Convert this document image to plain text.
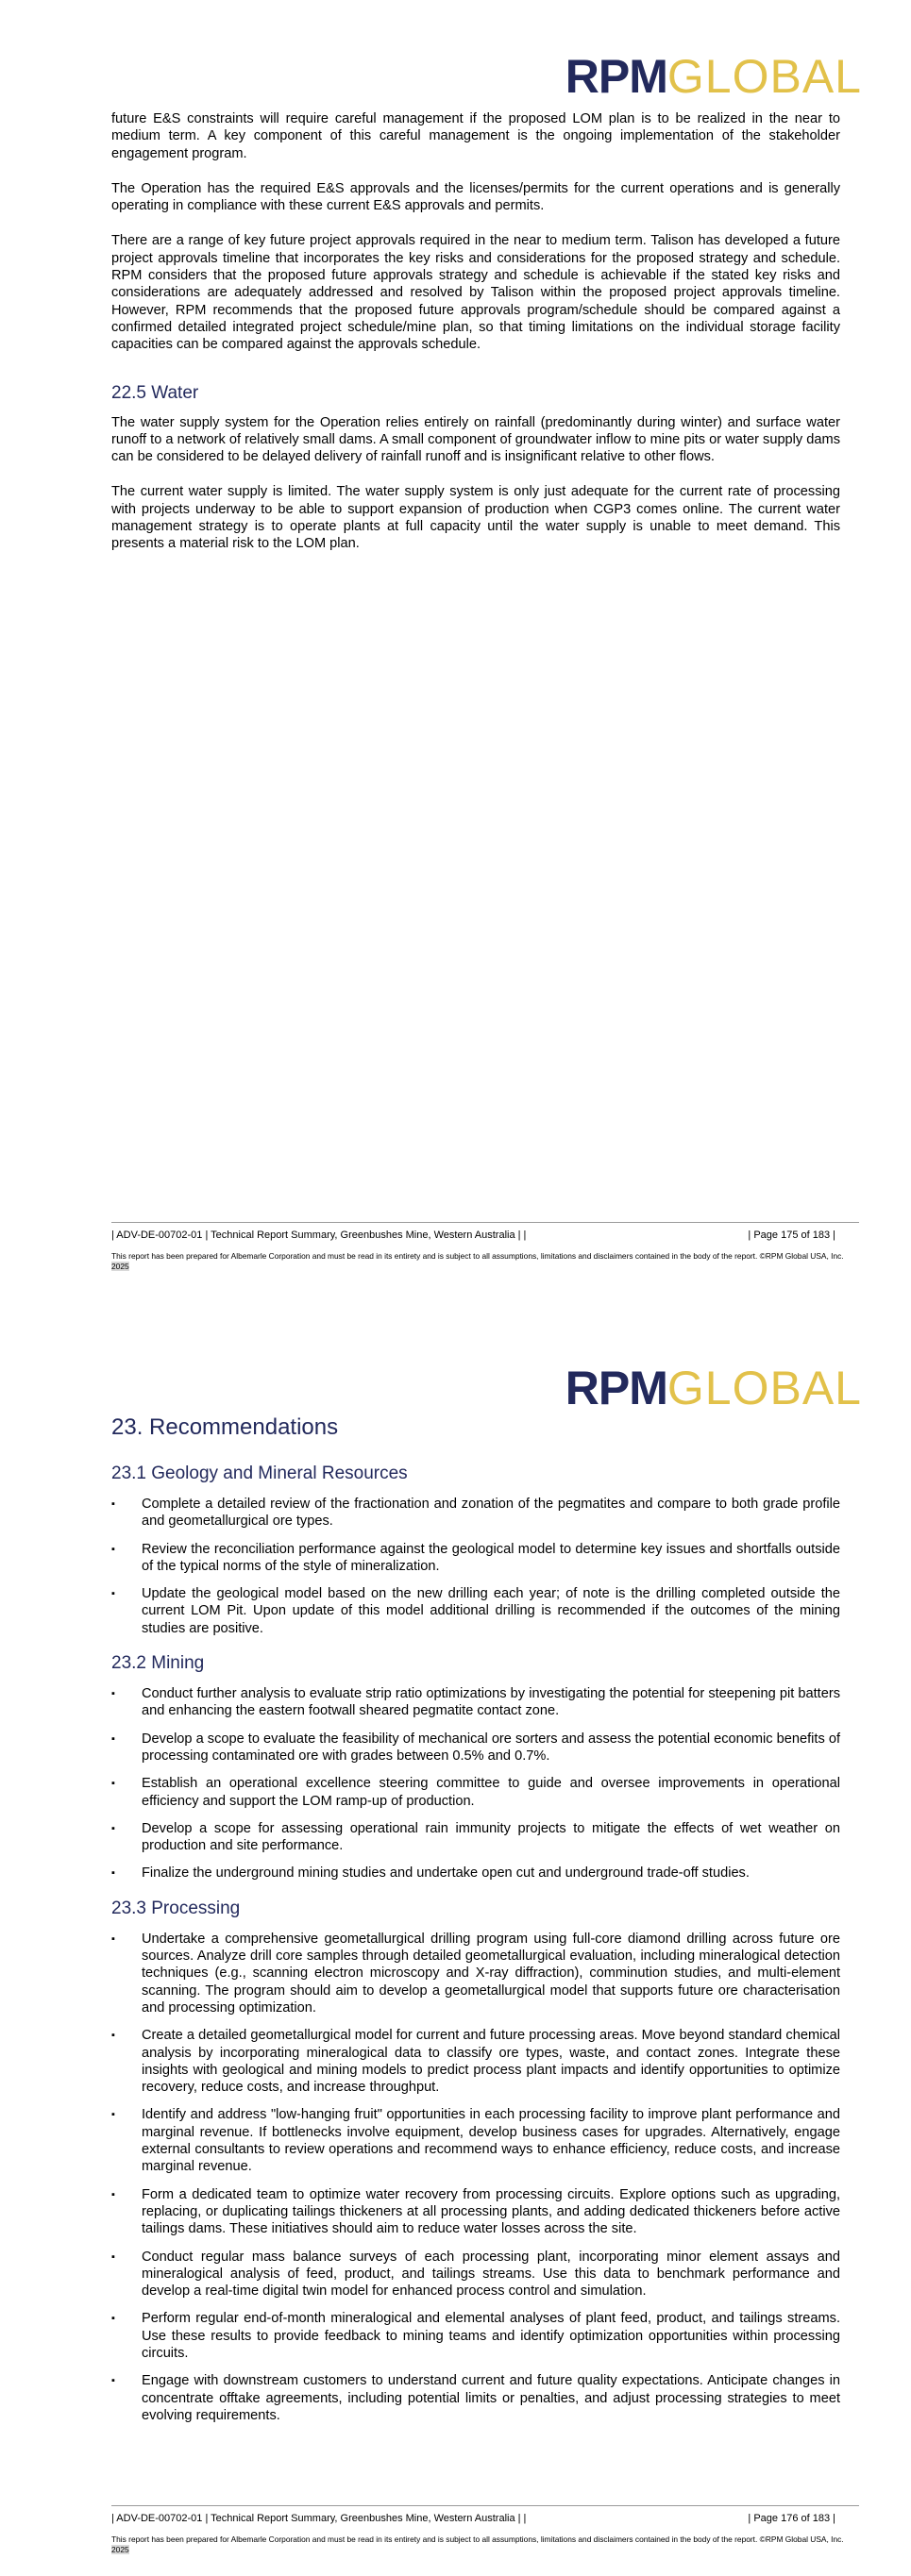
RPMGLOBAL

future E&S constraints will require careful management if the proposed LOM plan is to be realized in the near to medium term. A key component of this careful management is the ongoing implementation of the stakeholder engagement program.

The Operation has the required E&S approvals and the licenses/permits for the current operations and is generally operating in compliance with these current E&S approvals and permits.

There are a range of key future project approvals required in the near to medium term. Talison has developed a future project approvals timeline that incorporates the key risks and considerations for the proposed strategy and schedule. RPM considers that the proposed future approvals strategy and schedule is achievable if the stated key risks and considerations are adequately addressed and resolved by Talison within the proposed project approvals timeline. However, RPM recommends that the proposed future approvals program/schedule should be compared against a confirmed detailed integrated project schedule/mine plan, so that timing limitations on the individual storage facility capacities can be compared against the approvals schedule.

22.5 Water

The water supply system for the Operation relies entirely on rainfall (predominantly during winter) and surface water runoff to a network of relatively small dams. A small component of groundwater inflow to mine pits or water supply dams can be considered to be delayed delivery of rainfall runoff and is insignificant relative to other flows.

The current water supply is limited. The water supply system is only just adequate for the current rate of processing with projects underway to be able to support expansion of production when CGP3 comes online. The current water management strategy is to operate plants at full capacity until the water supply is unable to meet demand. This presents a material risk to the LOM plan.

| ADV-DE-00702-01 | Technical Report Summary, Greenbushes Mine, Western Australia | |	| Page 175 of 183 |
This report has been prepared for Albemarle Corporation and must be read in its entirety and is subject to all assumptions, limitations and disclaimers contained in the body of the report. ©RPM Global USA, Inc. 2025
RPMGLOBAL
23. Recommendations
23.1 Geology and Mineral Resources
▪	Complete a detailed review of the fractionation and zonation of the pegmatites and compare to both grade profile and geometallurgical ore types.
▪	Review the reconciliation performance against the geological model to determine key issues and shortfalls outside of the typical norms of the style of mineralization.
▪	Update the geological model based on the new drilling each year; of note is the drilling completed outside the current LOM Pit. Upon update of this model additional drilling is recommended if the outcomes of the mining studies are positive.
23.2 Mining
▪	Conduct further analysis to evaluate strip ratio optimizations by investigating the potential for steepening pit batters and enhancing the eastern footwall sheared pegmatite contact zone.
▪	Develop a scope to evaluate the feasibility of mechanical ore sorters and assess the potential economic benefits of processing contaminated ore with grades between 0.5% and 0.7%.
▪	Establish an operational excellence steering committee to guide and oversee improvements in operational efficiency and support the LOM ramp-up of production.
▪	Develop a scope for assessing operational rain immunity projects to mitigate the effects of wet weather on production and site performance.
▪	Finalize the underground mining studies and undertake open cut and underground trade-off studies.
23.3 Processing
▪	Undertake a comprehensive geometallurgical drilling program using full-core diamond drilling across future ore sources. Analyze drill core samples through detailed geometallurgical evaluation, including mineralogical detection techniques (e.g., scanning electron microscopy and X-ray diffraction), comminution studies, and multi-element scanning. The program should aim to develop a geometallurgical model that supports future ore characterisation and processing optimization.
▪	Create a detailed geometallurgical model for current and future processing areas. Move beyond standard chemical analysis by incorporating mineralogical data to classify ore types, waste, and contact zones. Integrate these insights with geological and mining models to predict process plant impacts and identify opportunities to optimize recovery, reduce costs, and increase throughput.
▪	Identify and address "low-hanging fruit" opportunities in each processing facility to improve plant performance and marginal revenue. If bottlenecks involve equipment, develop business cases for upgrades. Alternatively, engage external consultants to review operations and recommend ways to enhance efficiency, reduce costs, and increase marginal revenue.
▪	Form a dedicated team to optimize water recovery from processing circuits. Explore options such as upgrading, replacing, or duplicating tailings thickeners at all processing plants, and adding dedicated thickeners before active tailings dams. These initiatives should aim to reduce water losses across the site.
▪	Conduct regular mass balance surveys of each processing plant, incorporating minor element assays and mineralogical analysis of feed, product, and tailings streams. Use this data to benchmark performance and develop a real-time digital twin model for enhanced process control and simulation.
▪	Perform regular end-of-month mineralogical and elemental analyses of plant feed, product, and tailings streams. Use these results to provide feedback to mining teams and identify optimization opportunities within processing circuits.
▪	Engage with downstream customers to understand current and future quality expectations. Anticipate changes in concentrate offtake agreements, including potential limits or penalties, and adjust processing strategies to meet evolving requirements.
| ADV-DE-00702-01 | Technical Report Summary, Greenbushes Mine, Western Australia | |	| Page 176 of 183 |
This report has been prepared for Albemarle Corporation and must be read in its entirety and is subject to all assumptions, limitations and disclaimers contained in the body of the report. ©RPM Global USA, Inc. 2025
